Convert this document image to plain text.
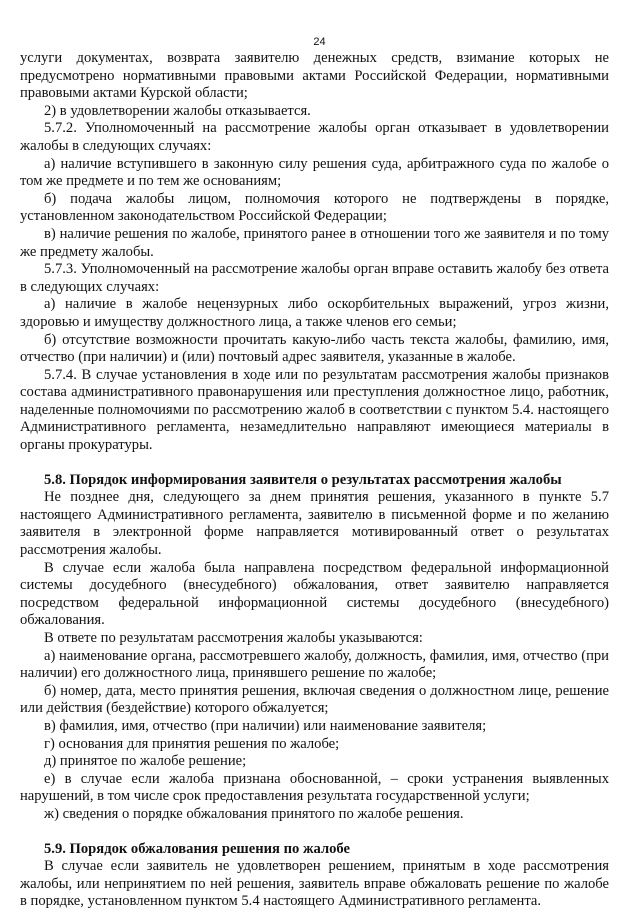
24

услуги документах, возврата заявителю денежных средств, взимание которых не предусмотрено нормативными правовыми актами Российской Федерации, нормативными правовыми актами Курской области;

2) в удовлетворении жалобы отказывается.

5.7.2. Уполномоченный на рассмотрение жалобы орган отказывает в удовлетворении жалобы в следующих случаях:

а) наличие вступившего в законную силу решения суда, арбитражного суда по жалобе о том же предмете и по тем же основаниям;

б) подача жалобы лицом, полномочия которого не подтверждены в порядке, установленном законодательством Российской Федерации;

в) наличие решения по жалобе, принятого ранее в отношении того же заявителя и по тому же предмету жалобы.

5.7.3. Уполномоченный на рассмотрение жалобы орган вправе оставить жалобу без ответа в следующих случаях:

а) наличие в жалобе нецензурных либо оскорбительных выражений, угроз жизни, здоровью и имуществу должностного лица, а также членов его семьи;

б) отсутствие возможности прочитать какую-либо часть текста жалобы, фамилию, имя, отчество (при наличии) и (или) почтовый адрес заявителя, указанные в жалобе.

5.7.4. В случае установления в ходе или по результатам рассмотрения жалобы признаков состава административного правонарушения или преступления должностное лицо, работник, наделенные полномочиями по рассмотрению жалоб в соответствии с пунктом 5.4. настоящего Административного регламента, незамедлительно направляют имеющиеся материалы в органы прокуратуры.

5.8. Порядок информирования заявителя о результатах рассмотрения жалобы

Не позднее дня, следующего за днем принятия решения, указанного в пункте 5.7 настоящего Административного регламента, заявителю в письменной форме и по желанию заявителя в электронной форме направляется мотивированный ответ о результатах рассмотрения жалобы.

В случае если жалоба была направлена посредством федеральной информационной системы досудебного (внесудебного) обжалования, ответ заявителю направляется посредством федеральной информационной системы досудебного (внесудебного) обжалования.

В ответе по результатам рассмотрения жалобы указываются:

а) наименование органа, рассмотревшего жалобу, должность, фамилия, имя, отчество (при наличии) его должностного лица, принявшего решение по жалобе;

б) номер, дата, место принятия решения, включая сведения о должностном лице, решение или действия (бездействие) которого обжалуется;

в) фамилия, имя, отчество (при наличии) или наименование заявителя;

г) основания для принятия решения по жалобе;

д) принятое по жалобе решение;

е) в случае если жалоба признана обоснованной, – сроки устранения выявленных нарушений, в том числе срок предоставления результата государственной услуги;

ж) сведения о порядке обжалования принятого по жалобе решения.

5.9. Порядок обжалования решения по жалобе

В случае если заявитель не удовлетворен решением, принятым в ходе рассмотрения жалобы, или непринятием по ней решения, заявитель вправе обжаловать решение по жалобе в порядке, установленном пунктом 5.4 настоящего Административного регламента.
